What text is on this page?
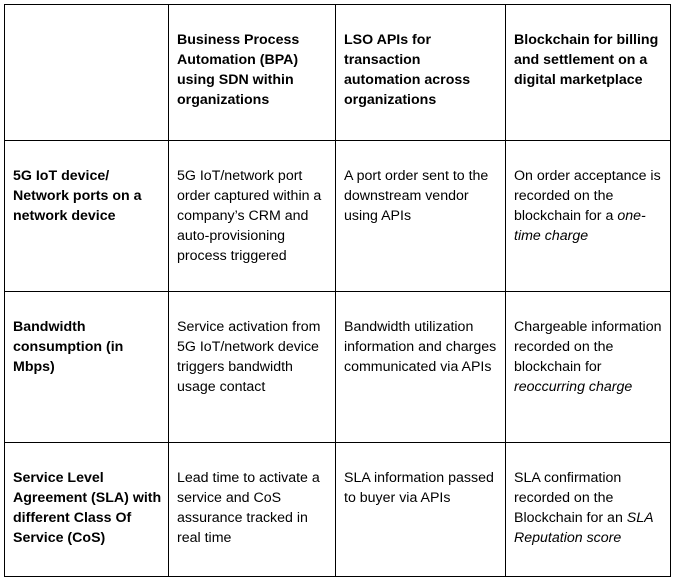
	Business Process Automation (BPA) using SDN within organizations	LSO APIs for transaction automation across organizations	Blockchain for billing and settlement on a digital marketplace
5G IoT device/ Network ports on a network device	5G IoT/network port order captured within a company’s CRM and auto-provisioning process triggered	A port order sent to the downstream vendor using APIs	On order acceptance is recorded on the blockchain for a one-time charge
Bandwidth consumption (in Mbps)	Service activation from 5G IoT/network device triggers bandwidth usage contact	Bandwidth utilization information and charges communicated via APIs	Chargeable information recorded on the blockchain for reoccurring charge
Service Level Agreement (SLA) with different Class Of Service (CoS)	Lead time to activate a service and CoS assurance tracked in real time	SLA information passed to buyer via APIs	SLA confirmation recorded on the Blockchain for an SLA Reputation score
